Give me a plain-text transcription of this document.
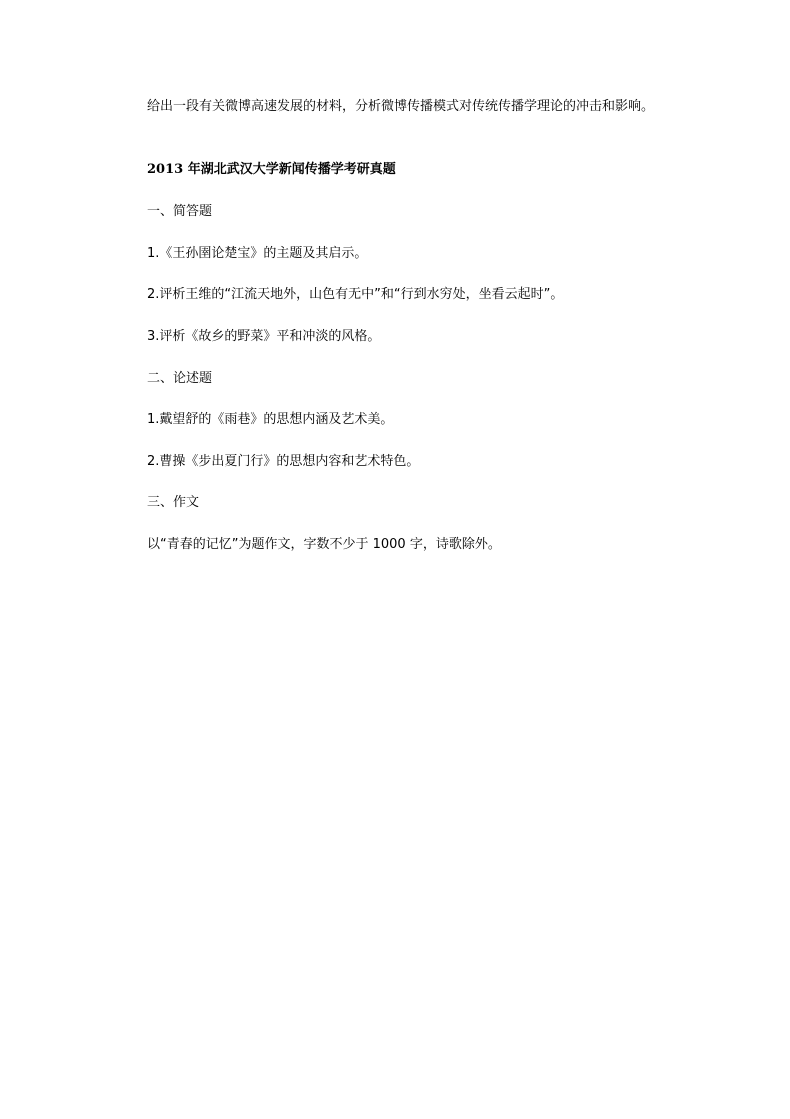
给出一段有关微博高速发展的材料，分析微博传播模式对传统传播学理论的冲击和影响。
2013 年湖北武汉大学新闻传播学考研真题
一、简答题
1.《王孙圉论楚宝》的主题及其启示。
2.评析王维的“江流天地外，山色有无中”和“行到水穷处，坐看云起时”。
3.评析《故乡的野菜》平和冲淡的风格。
二、论述题
1.戴望舒的《雨巷》的思想内涵及艺术美。
2.曹操《步出夏门行》的思想内容和艺术特色。
三、作文
以“青春的记忆”为题作文，字数不少于 1000 字，诗歌除外。
